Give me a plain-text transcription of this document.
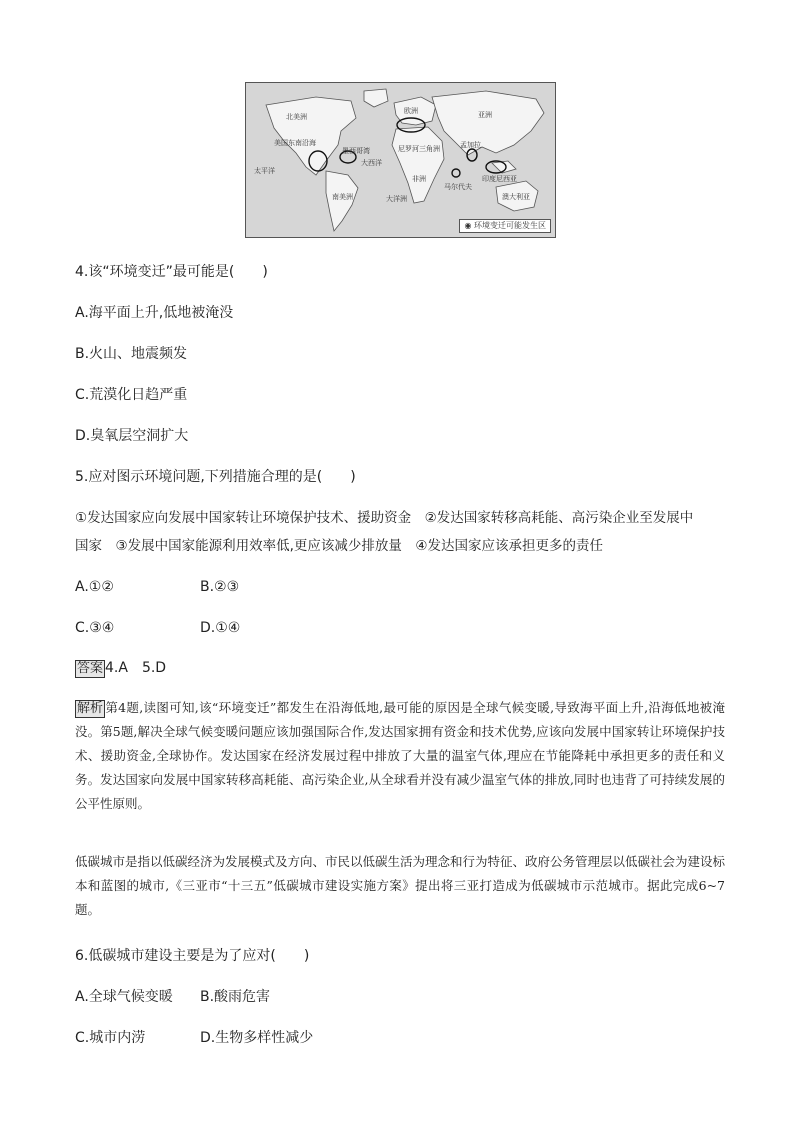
北美洲
美国东南沿海
南美洲
大西洋
墨西哥湾
欧洲
非洲
尼罗河三角洲
太平洋
孟加拉
亚洲
马尔代夫
印度尼西亚
澳大利亚
大洋洲
◉ 环境变迁可能发生区
4.该“环境变迁”最可能是(　　)
A.海平面上升,低地被淹没
B.火山、地震频发
C.荒漠化日趋严重
D.臭氧层空洞扩大
5.应对图示环境问题,下列措施合理的是(　　)
①发达国家应向发展中国家转让环境保护技术、援助资金　②发达国家转移高耗能、高污染企业至发展中
国家　③发展中国家能源利用效率低,更应该减少排放量　④发达国家应该承担更多的责任
A.①②	B.②③
C.③④	D.①④
答案 4.A　5.D
解析 第4题,读图可知,该“环境变迁”都发生在沿海低地,最可能的原因是全球气候变暖,导致海平面上升,沿海低地被淹没。第5题,解决全球气候变暖问题应该加强国际合作,发达国家拥有资金和技术优势,应该向发展中国家转让环境保护技术、援助资金,全球协作。发达国家在经济发展过程中排放了大量的温室气体,理应在节能降耗中承担更多的责任和义务。发达国家向发展中国家转移高耗能、高污染企业,从全球看并没有减少温室气体的排放,同时也违背了可持续发展的公平性原则。
低碳城市是指以低碳经济为发展模式及方向、市民以低碳生活为理念和行为特征、政府公务管理层以低碳社会为建设标本和蓝图的城市,《三亚市“十三五”低碳城市建设实施方案》提出将三亚打造成为低碳城市示范城市。据此完成6~7题。
6.低碳城市建设主要是为了应对(　　)
A.全球气候变暖 B.酸雨危害
C.城市内涝	D.生物多样性减少
